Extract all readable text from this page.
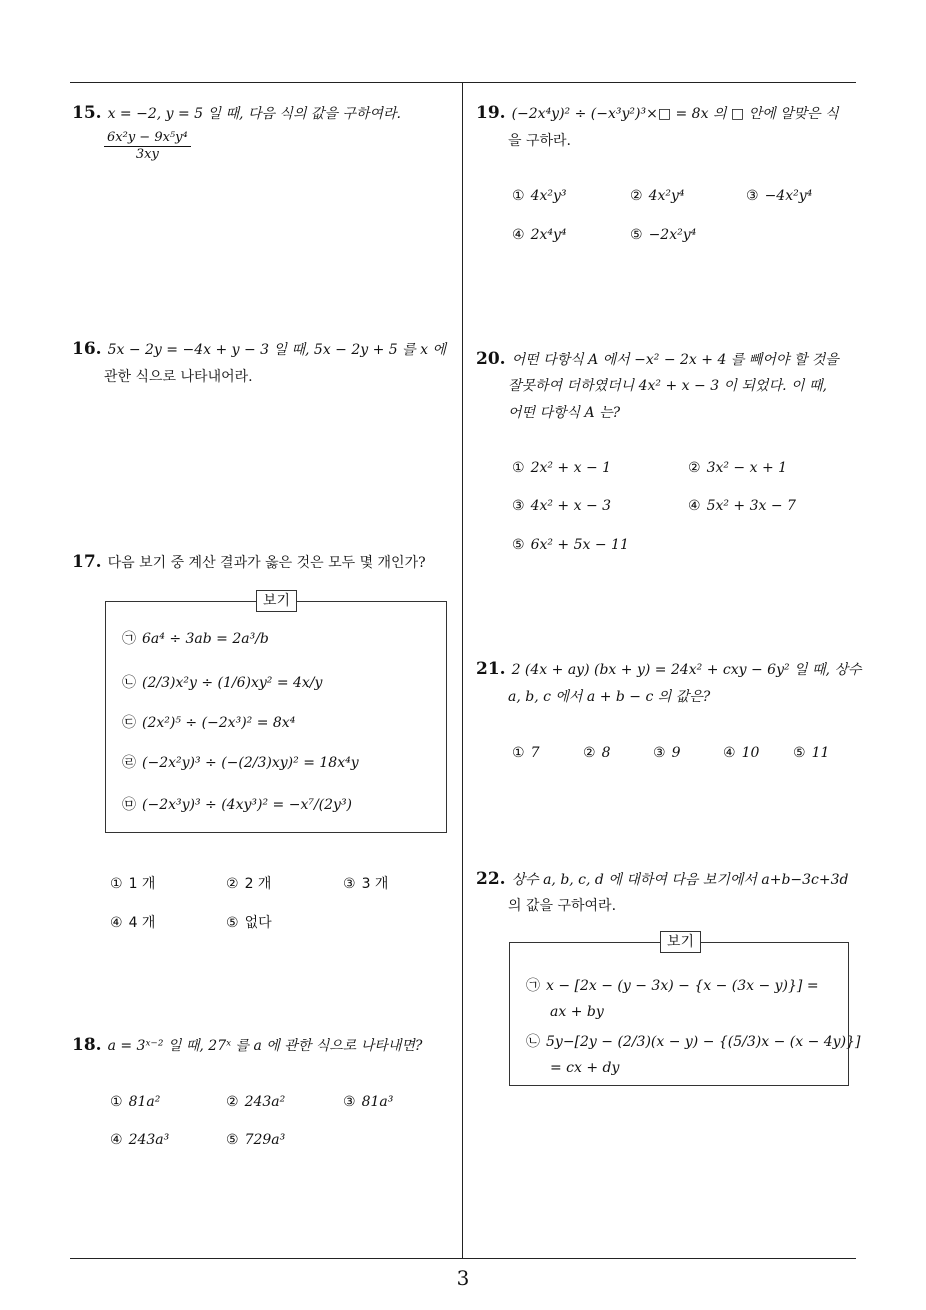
3
15. x = −2, y = 5 일 때, 다음 식의 값을 구하여라.
$\frac{\text{6x²y − 9x⁵y⁴}}{3xy}$
16. 5x − 2y = −4x + y − 3 일 때, 5x − 2y + 5 를 x 에
관한 식으로 나타내어라.
17. 다음 보기 중 계산 결과가 옳은 것은 모두 몇 개인가?
보기
㉠ 6a⁴ ÷ 3ab = 2a³/b
㉡ (2/3)x²y ÷ (1/6)xy² = 4x/y
㉢ (2x²)⁵ ÷ (−2x³)² = 8x⁴
㉣ (−2x²y)³ ÷ (−(2/3)xy)² = 18x⁴y
㉤ (−2x³y)³ ÷ (4xy³)² = −x⁷/(2y³)
① 1 개	② 2 개	③ 3 개
④ 4 개	⑤ 없다
18. a = 3ˣ⁻² 일 때, 27ˣ 를 a 에 관한 식으로 나타내면?
① 81a²	② 243a²	③ 81a³
④ 243a³	⑤ 729a³
19. (−2x⁴y)² ÷ (−x³y²)³×□ = 8x 의 □ 안에 알맞은 식
을 구하라.
① 4x²y³	② 4x²y⁴	③ −4x²y⁴
④ 2x⁴y⁴	⑤ −2x²y⁴
20. 어떤 다항식 A 에서 −x² − 2x + 4 를 빼어야 할 것을
잘못하여 더하였더니 4x² + x − 3 이 되었다. 이 때,
어떤 다항식 A 는?
① 2x² + x − 1	② 3x² − x + 1
③ 4x² + x − 3	④ 5x² + 3x − 7
⑤ 6x² + 5x − 11
21. 2 (4x + ay) (bx + y) = 24x² + cxy − 6y² 일 때, 상수
a, b, c 에서 a + b − c 의 값은?
① 7	② 8	③ 9	④ 10 ⑤ 11
22. 상수 a, b, c, d 에 대하여 다음 보기에서 a+b−3c+3d
의 값을 구하여라.
보기
㉠ x − [2x − (y − 3x) − {x − (3x − y)}] =
ax + by
㉡ 5y−[2y − (2/3)(x − y) − {(5/3)x − (x − 4y)}]
= cx + dy
